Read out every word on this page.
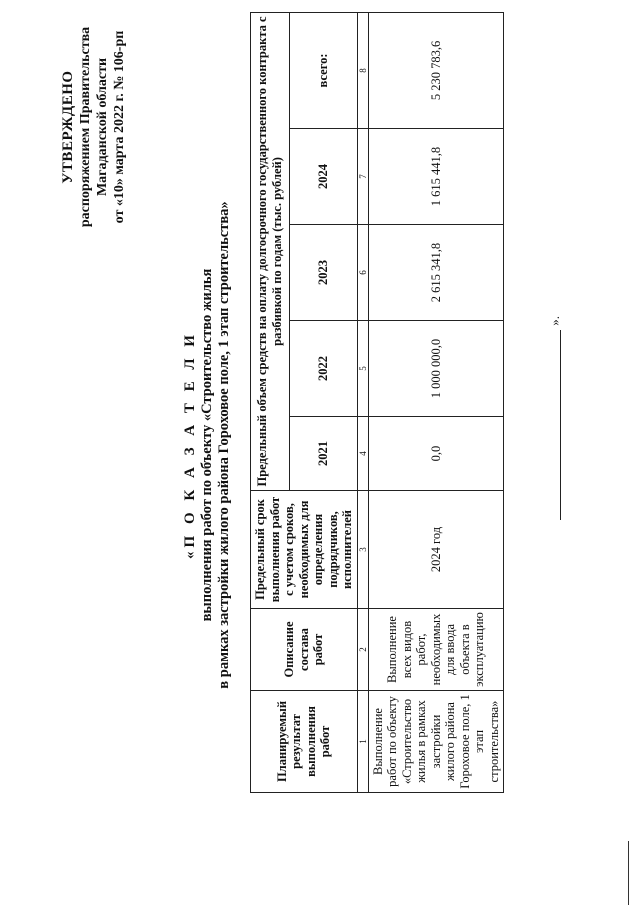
УТВЕРЖДЕНО распоряжением Правительства Магаданской области от «10» марта 2022 г. № 106-рп
«П О К А З А Т Е Л И выполнения работ по объекту «Строительство жилья в рамках застройки жилого района Гороховое поле, 1 этап строительства»
Планируемый результат выполнения работ	Описание состава работ	Предельный срок выполнения работ с учетом сроков, необходимых для определения подрядчиков, исполнителей	Предельный объем средств на оплату долгосрочного государственного контракта с разбивкой по годам (тыс. рублей)				
			2021	2022	2023	2024	всего:
1	2	3	4	5	6	7	8
Выполнение работ по объекту «Строительство жилья в рамках застройки жилого района Гороховое поле, 1 этап строительства»	Выполнение всех видов работ, необходимых для ввода объекта в эксплуатацию	2024 год	0,0	1 000 000,0	2 615 341,8	1 615 441,8	5 230 783,6
».
